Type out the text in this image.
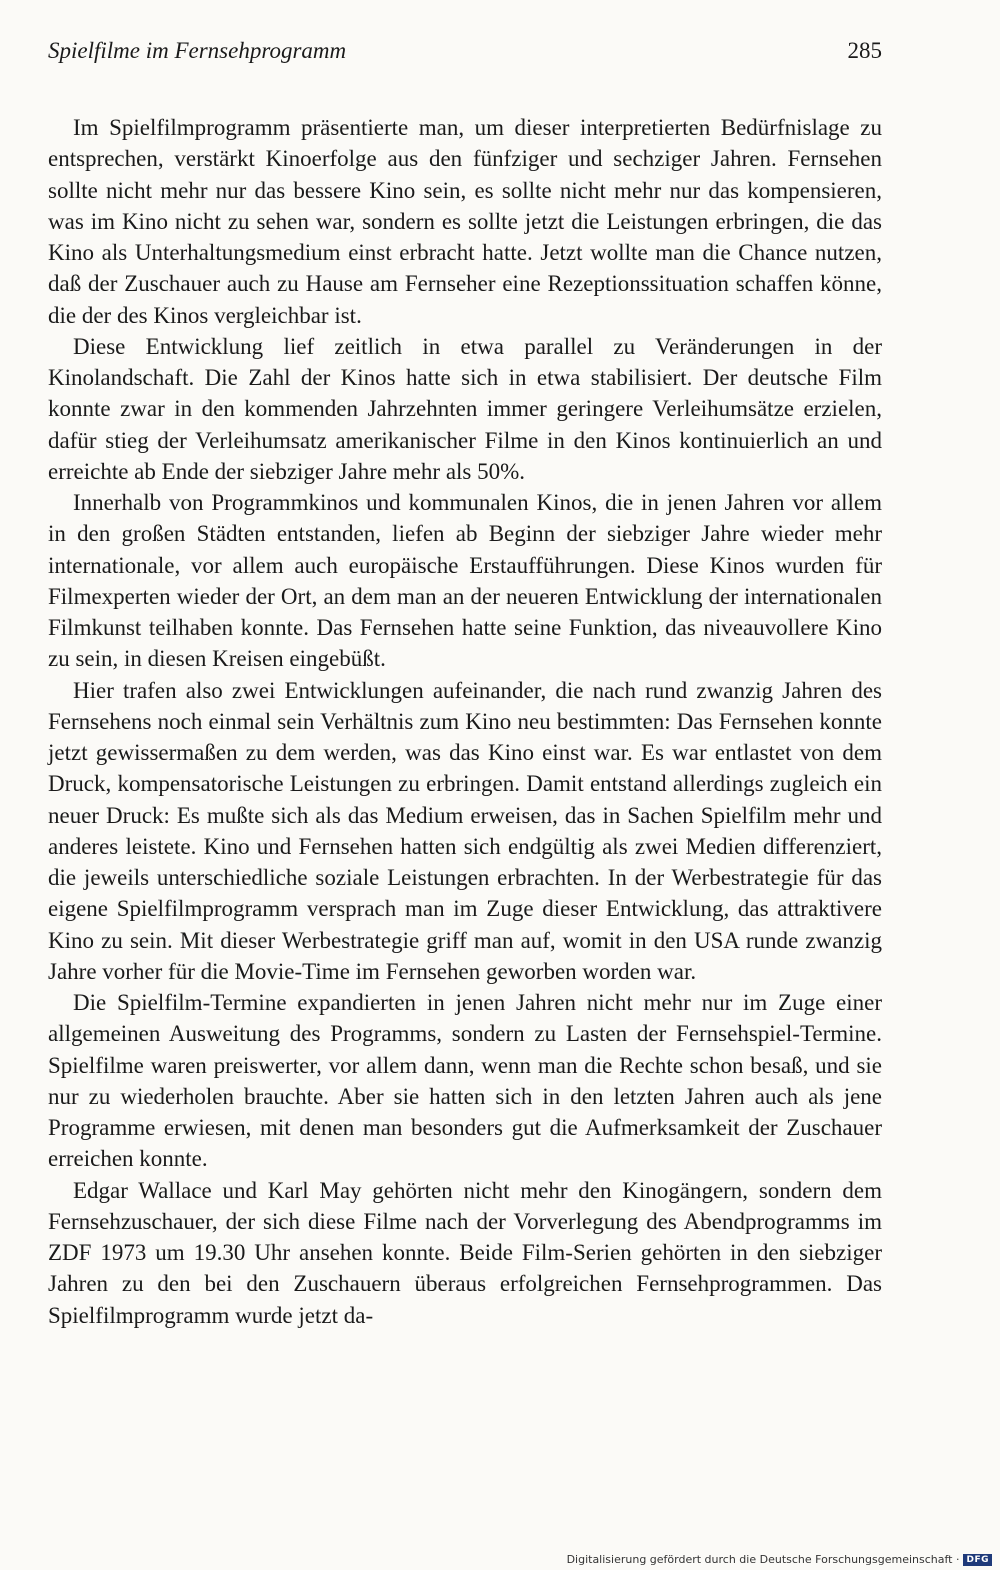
Spielfilme im Fernsehprogramm	285

Im Spielfilmprogramm präsentierte man, um dieser interpretierten Bedürfnislage zu entsprechen, verstärkt Kinoerfolge aus den fünfziger und sechziger Jahren. Fernsehen sollte nicht mehr nur das bessere Kino sein, es sollte nicht mehr nur das kompensieren, was im Kino nicht zu sehen war, sondern es sollte jetzt die Leistungen erbringen, die das Kino als Unterhaltungsmedium einst erbracht hatte. Jetzt wollte man die Chance nutzen, daß der Zuschauer auch zu Hause am Fernseher eine Rezeptionssituation schaffen könne, die der des Kinos vergleichbar ist.

Diese Entwicklung lief zeitlich in etwa parallel zu Veränderungen in der Kinolandschaft. Die Zahl der Kinos hatte sich in etwa stabilisiert. Der deutsche Film konnte zwar in den kommenden Jahrzehnten immer geringere Verleihumsätze erzielen, dafür stieg der Verleihumsatz amerikanischer Filme in den Kinos kontinuierlich an und erreichte ab Ende der siebziger Jahre mehr als 50%.

Innerhalb von Programmkinos und kommunalen Kinos, die in jenen Jahren vor allem in den großen Städten entstanden, liefen ab Beginn der siebziger Jahre wieder mehr internationale, vor allem auch europäische Erstaufführungen. Diese Kinos wurden für Filmexperten wieder der Ort, an dem man an der neueren Entwicklung der internationalen Filmkunst teilhaben konnte. Das Fernsehen hatte seine Funktion, das niveauvollere Kino zu sein, in diesen Kreisen eingebüßt.

Hier trafen also zwei Entwicklungen aufeinander, die nach rund zwanzig Jahren des Fernsehens noch einmal sein Verhältnis zum Kino neu bestimmten: Das Fernsehen konnte jetzt gewissermaßen zu dem werden, was das Kino einst war. Es war entlastet von dem Druck, kompensatorische Leistungen zu erbringen. Damit entstand allerdings zugleich ein neuer Druck: Es mußte sich als das Medium erweisen, das in Sachen Spielfilm mehr und anderes leistete. Kino und Fernsehen hatten sich endgültig als zwei Medien differenziert, die jeweils unterschiedliche soziale Leistungen erbrachten. In der Werbestrategie für das eigene Spielfilmprogramm versprach man im Zuge dieser Entwicklung, das attraktivere Kino zu sein. Mit dieser Werbestrategie griff man auf, womit in den USA runde zwanzig Jahre vorher für die Movie-Time im Fernsehen geworben worden war.

Die Spielfilm-Termine expandierten in jenen Jahren nicht mehr nur im Zuge einer allgemeinen Ausweitung des Programms, sondern zu Lasten der Fernsehspiel-Termine. Spielfilme waren preiswerter, vor allem dann, wenn man die Rechte schon besaß, und sie nur zu wiederholen brauchte. Aber sie hatten sich in den letzten Jahren auch als jene Programme erwiesen, mit denen man besonders gut die Aufmerksamkeit der Zuschauer erreichen konnte.

Edgar Wallace und Karl May gehörten nicht mehr den Kinogängern, sondern dem Fernsehzuschauer, der sich diese Filme nach der Vorverlegung des Abendprogramms im ZDF 1973 um 19.30 Uhr ansehen konnte. Beide Film-Serien gehörten in den siebziger Jahren zu den bei den Zuschauern überaus erfolgreichen Fernsehprogrammen. Das Spielfilmprogramm wurde jetzt da-

Digitalisierung gefördert durch die Deutsche Forschungsgemeinschaft · DFG
